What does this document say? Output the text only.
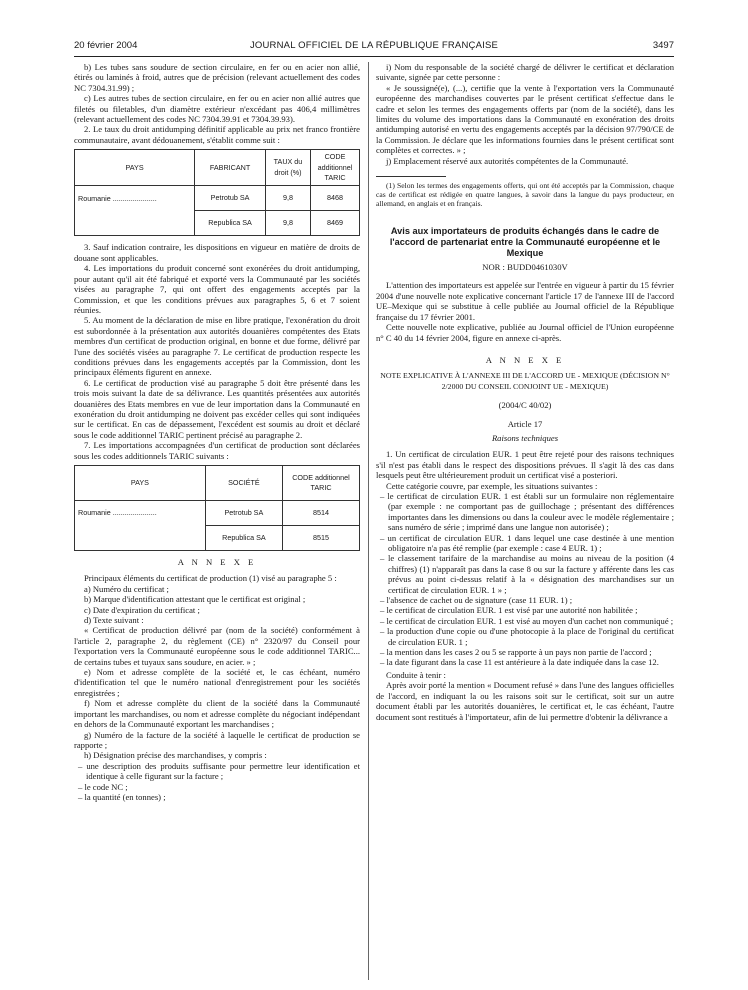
20 février 2004	JOURNAL OFFICIEL DE LA RÉPUBLIQUE FRANÇAISE	3497

b) Les tubes sans soudure de section circulaire, en fer ou en acier non allié, étirés ou laminés à froid, autres que de précision (relevant actuellement des codes NC 7304.31.99) ;

c) Les autres tubes de section circulaire, en fer ou en acier non allié autres que filetés ou filetables, d'un diamètre extérieur n'excédant pas 406,4 millimètres (relevant actuellement des codes NC 7304.39.91 et 7304.39.93).

2. Le taux du droit antidumping définitif applicable au prix net franco frontière communautaire, avant dédouanement, s'établit comme suit :

PAYS	FABRICANT	TAUX du droit (%)	CODE additionnel TARIC
Roumanie ......................	Petrotub SA	9,8	8468
	Republica SA	9,8	8469

3. Sauf indication contraire, les dispositions en vigueur en matière de droits de douane sont applicables.

4. Les importations du produit concerné sont exonérées du droit antidumping, pour autant qu'il ait été fabriqué et exporté vers la Communauté par les sociétés visées au paragraphe 7, qui ont offert des engagements acceptés par la Commission, et que les conditions prévues aux paragraphes 5, 6 et 7 soient réunies.

5. Au moment de la déclaration de mise en libre pratique, l'exonération du droit est subordonnée à la présentation aux autorités douanières compétentes des Etats membres d'un certificat de production original, en bonne et due forme, délivré par l'une des sociétés visées au paragraphe 7. Le certificat de production respecte les conditions prévues dans les engagements acceptés par la Commission, dont les principaux éléments figurent en annexe.

6. Le certificat de production visé au paragraphe 5 doit être présenté dans les trois mois suivant la date de sa délivrance. Les quantités présentées aux autorités douanières des Etats membres en vue de leur importation dans la Communauté en exonération du droit antidumping ne doivent pas excéder celles qui sont indiquées sur le certificat. En cas de dépassement, l'excédent est soumis au droit et déclaré sous le code additionnel TARIC pertinent précisé au paragraphe 2.

7. Les importations accompagnées d'un certificat de production sont déclarées sous les codes additionnels TARIC suivants :

PAYS	SOCIÉTÉ	CODE additionnel TARIC
Roumanie ......................	Petrotub SA	8514
	Republica SA	8515
A N N E X E

Principaux éléments du certificat de production (1) visé au paragraphe 5 :

a) Numéro du certificat ;

b) Marque d'identification attestant que le certificat est original ;

c) Date d'expiration du certificat ;

d) Texte suivant :

« Certificat de production délivré par (nom de la société) conformément à l'article 2, paragraphe 2, du règlement (CE) n° 2320/97 du Conseil pour l'exportation vers la Communauté européenne sous le code additionnel TARIC... de certains tubes et tuyaux sans soudure, en acier. » ;

e) Nom et adresse complète de la société et, le cas échéant, numéro d'identification tel que le numéro national d'enregistrement pour les sociétés enregistrées ;

f) Nom et adresse complète du client de la société dans la Communauté important les marchandises, ou nom et adresse complète du négociant indépendant en dehors de la Communauté exportant les marchandises ;

g) Numéro de la facture de la société à laquelle le certificat de production se rapporte ;

h) Désignation précise des marchandises, y compris :

– une description des produits suffisante pour permettre leur identification et identique à celle figurant sur la facture ;

– le code NC ;

– la quantité (en tonnes) ;

i) Nom du responsable de la société chargé de délivrer le certificat et déclaration suivante, signée par cette personne :

« Je soussigné(e), (...), certifie que la vente à l'exportation vers la Communauté européenne des marchandises couvertes par le présent certificat s'effectue dans le cadre et selon les termes des engagements offerts par (nom de la société), dans les limites du volume des importations dans la Communauté en exonération des droits antidumping autorisé en vertu des engagements acceptés par la décision 97/790/CE de la Commission. Je déclare que les informations fournies dans le présent certificat sont complètes et correctes. » ;

j) Emplacement réservé aux autorités compétentes de la Communauté.

(1) Selon les termes des engagements offerts, qui ont été acceptés par la Commission, chaque cas de certificat est rédigée en quatre langues, à savoir dans la langue du pays producteur, en allemand, en anglais et en français.

Avis aux importateurs de produits échangés dans le cadre de l'accord de partenariat entre la Communauté européenne et le Mexique

NOR : BUDD0461030V

L'attention des importateurs est appelée sur l'entrée en vigueur à partir du 15 février 2004 d'une nouvelle note explicative concernant l'article 17 de l'annexe III de l'accord UE–Mexique qui se substitue à celle publiée au Journal officiel de la République française du 17 février 2001.

Cette nouvelle note explicative, publiée au Journal officiel de l'Union européenne n° C 40 du 14 février 2004, figure en annexe ci-après.

A N N E X E

NOTE EXPLICATIVE À L'ANNEXE III DE L'ACCORD UE - MEXIQUE (DÉCISION N° 2/2000 DU CONSEIL CONJOINT UE - MEXIQUE)

(2004/C 40/02)

Article 17

Raisons techniques

1. Un certificat de circulation EUR. 1 peut être rejeté pour des raisons techniques s'il n'est pas établi dans le respect des dispositions prévues. Il s'agit là des cas dans lesquels peut être ultérieurement produit un certificat visé a posteriori.

Cette catégorie couvre, par exemple, les situations suivantes :

– le certificat de circulation EUR. 1 est établi sur un formulaire non réglementaire (par exemple : ne comportant pas de guillochage ; présentant des différences importantes dans les dimensions ou dans la couleur avec le modèle réglementaire ; sans numéro de série ; imprimé dans une langue non autorisée) ;

– un certificat de circulation EUR. 1 dans lequel une case destinée à une mention obligatoire n'a pas été remplie (par exemple : case 4 EUR. 1) ;

– le classement tarifaire de la marchandise au moins au niveau de la position (4 chiffres) (1) n'apparaît pas dans la case 8 ou sur la facture y afférente dans les cas prévus au point ci-dessus relatif à la « désignation des marchandises sur un certificat de circulation EUR. 1 » ;

– l'absence de cachet ou de signature (case 11 EUR. 1) ;

– le certificat de circulation EUR. 1 est visé par une autorité non habilitée ;

– le certificat de circulation EUR. 1 est visé au moyen d'un cachet non communiqué ;

– la production d'une copie ou d'une photocopie à la place de l'original du certificat de circulation EUR. 1 ;

– la mention dans les cases 2 ou 5 se rapporte à un pays non partie de l'accord ;

– la date figurant dans la case 11 est antérieure à la date indiquée dans la case 12.

Conduite à tenir :

Après avoir porté la mention « Document refusé » dans l'une des langues officielles de l'accord, en indiquant la ou les raisons soit sur le certificat, soit sur un autre document établi par les autorités douanières, le certificat et, le cas échéant, l'autre document sont restitués à l'importateur, afin de lui permettre d'obtenir la délivrance a
